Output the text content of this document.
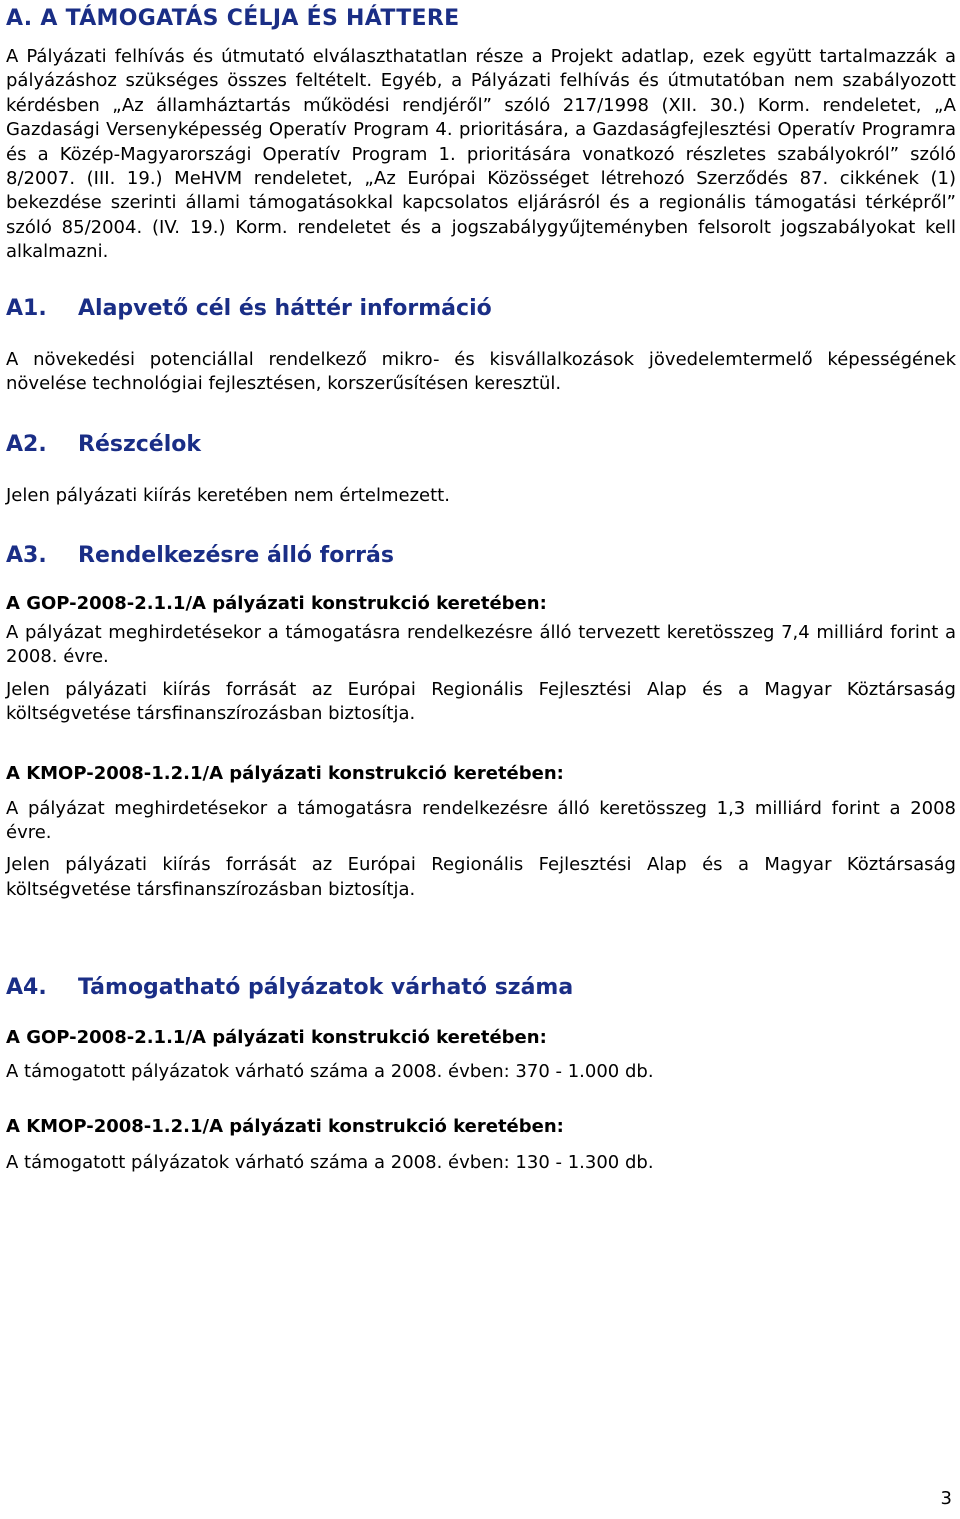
A. A TÁMOGATÁS CÉLJA ÉS HÁTTERE

A Pályázati felhívás és útmutató elválaszthatatlan része a Projekt adatlap, ezek együtt tartalmazzák a pályázáshoz szükséges összes feltételt. Egyéb, a Pályázati felhívás és útmutatóban nem szabályozott kérdésben „Az államháztartás működési rendjéről” szóló 217/1998 (XII. 30.) Korm. rendeletet, „A Gazdasági Versenyképesség Operatív Program 4. prioritására, a Gazdaságfejlesztési Operatív Programra és a Közép-Magyarországi Operatív Program 1. prioritására vonatkozó részletes szabályokról” szóló 8/2007. (III. 19.) MeHVM rendeletet, „Az Európai Közösséget létrehozó Szerződés 87. cikkének (1) bekezdése szerinti állami támogatásokkal kapcsolatos eljárásról és a regionális támogatási térképről” szóló 85/2004. (IV. 19.) Korm. rendeletet és a jogszabálygyűjteményben felsorolt jogszabályokat kell alkalmazni.

A1.	Alapvető cél és háttér információ

A növekedési potenciállal rendelkező mikro- és kisvállalkozások jövedelemtermelő képességének növelése technológiai fejlesztésen, korszerűsítésen keresztül.

A2.	Részcélok

Jelen pályázati kiírás keretében nem értelmezett.

A3.	Rendelkezésre álló forrás
A GOP-2008-2.1.1/A pályázati konstrukció keretében:

A pályázat meghirdetésekor a támogatásra rendelkezésre álló tervezett keretösszeg 7,4 milliárd forint a 2008. évre.

Jelen pályázati kiírás forrását az Európai Regionális Fejlesztési Alap és a Magyar Köztársaság költségvetése társfinanszírozásban biztosítja.

A KMOP-2008-1.2.1/A pályázati konstrukció keretében:

A pályázat meghirdetésekor a támogatásra rendelkezésre álló keretösszeg 1,3 milliárd forint a 2008 évre.

Jelen pályázati kiírás forrását az Európai Regionális Fejlesztési Alap és a Magyar Köztársaság költségvetése társfinanszírozásban biztosítja.

A4.	Támogatható pályázatok várható száma
A GOP-2008-2.1.1/A pályázati konstrukció keretében:

A támogatott pályázatok várható száma a 2008. évben: 370 - 1.000 db.

A KMOP-2008-1.2.1/A pályázati konstrukció keretében:

A támogatott pályázatok várható száma a 2008. évben: 130 - 1.300 db.

3
